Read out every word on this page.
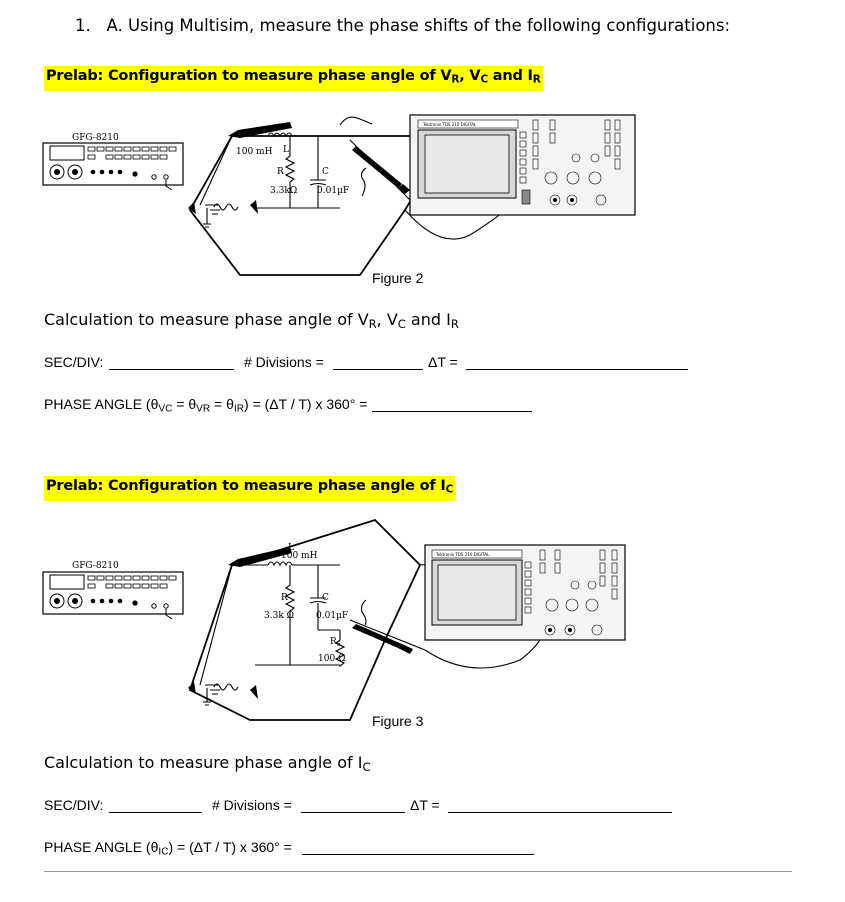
1. A. Using Multisim, measure the phase shifts of the following configurations:
Prelab: Configuration to measure phase angle of $V_R$, $V_C$ and $I_R$
GFG-8210
100 mH L
R
3.3kΩ
C
0.01µF
Tektronix TDS 210 DIGITAL
Figure 2
Calculation to measure phase angle of $V_R$, $V_C$ and $I_R$
SEC/DIV:	# Divisions =	ΔT =
PHASE ANGLE $(\theta_{VC} = \theta_{VR} = \theta_{IR}) = (\Delta T / T)$ x 360° =
Prelab: Configuration to measure phase angle of $I_C$
GFG-8210
L
100 mH
R
3.3k Ω
C
0.01µF
$R_S$
100 Ω
Tektronix TDS 210 DIGITAL
Figure 3
Calculation to measure phase angle of $I_C$
SEC/DIV:	# Divisions =	ΔT =
PHASE ANGLE $(\theta_{IC}) = (\Delta T / T)$ x 360° =
